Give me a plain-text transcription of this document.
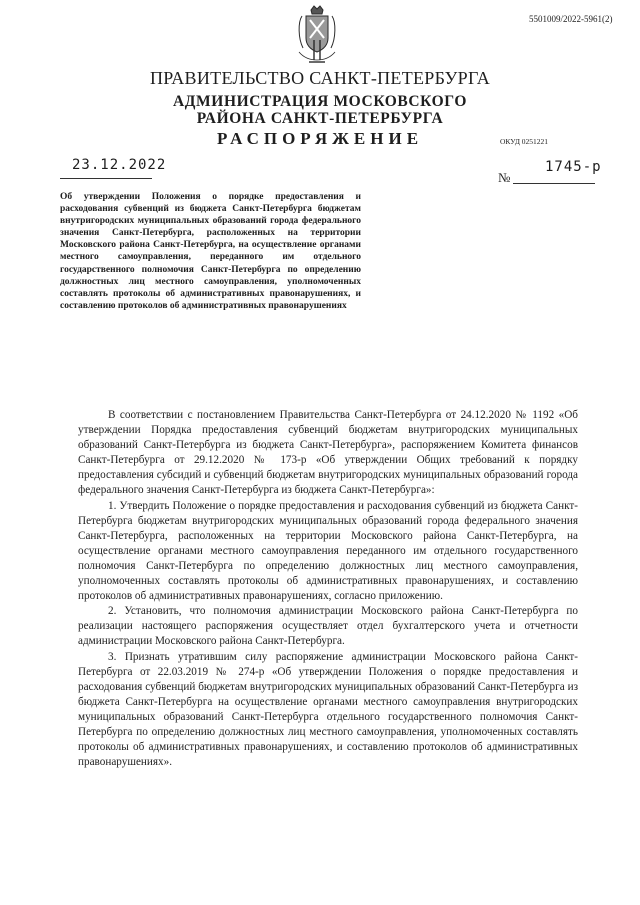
5501009/2022-5961(2)
ПРАВИТЕЛЬСТВО САНКТ-ПЕТЕРБУРГА
АДМИНИСТРАЦИЯ МОСКОВСКОГО
РАЙОНА САНКТ-ПЕТЕРБУРГА
РАСПОРЯЖЕНИЕ	ОКУД 0251221
23.12.2022
№
1745-р
Об утверждении Положения о порядке предоставления и расходования субвенций из бюджета Санкт-Петербурга бюджетам внутригородских муниципальных образований города федерального значения Санкт-Петербурга, расположенных на территории Московского района Санкт-Петербурга, на осуществление органами местного самоуправления, переданного им отдельного государственного полномочия Санкт-Петербурга по определению должностных лиц местного самоуправления, уполномоченных составлять протоколы об административных правонарушениях, и составлению протоколов об административных правонарушениях

В соответствии с постановлением Правительства Санкт-Петербурга от 24.12.2020 № 1192 «Об утверждении Порядка предоставления субвенций бюджетам внутригородских муниципальных образований Санкт-Петербурга из бюджета Санкт-Петербурга», распоряжением Комитета финансов Санкт-Петербурга от 29.12.2020 № 173-р «Об утверждении Общих требований к порядку предоставления субсидий и субвенций бюджетам внутригородских муниципальных образований города федерального значения Санкт-Петербурга из бюджета Санкт-Петербурга»:

1. Утвердить Положение о порядке предоставления и расходования субвенций из бюджета Санкт-Петербурга бюджетам внутригородских муниципальных образований города федерального значения Санкт-Петербурга, расположенных на территории Московского района Санкт-Петербурга, на осуществление органами местного самоуправления переданного им отдельного государственного полномочия Санкт-Петербурга по определению должностных лиц местного самоуправления, уполномоченных составлять протоколы об административных правонарушениях, и составлению протоколов об административных правонарушениях, согласно приложению.

2. Установить, что полномочия администрации Московского района Санкт-Петербурга по реализации настоящего распоряжения осуществляет отдел бухгалтерского учета и отчетности администрации Московского района Санкт-Петербурга.

3. Признать утратившим силу распоряжение администрации Московского района Санкт-Петербурга от 22.03.2019 № 274-р «Об утверждении Положения о порядке предоставления и расходования субвенций бюджетам внутригородских муниципальных образований Санкт-Петербурга из бюджета Санкт-Петербурга на осуществление органами местного самоуправления внутригородских муниципальных образований Санкт-Петербурга отдельного государственного полномочия Санкт-Петербурга по определению должностных лиц местного самоуправления, уполномоченных составлять протоколы об административных правонарушениях, и составлению протоколов об административных правонарушениях».
